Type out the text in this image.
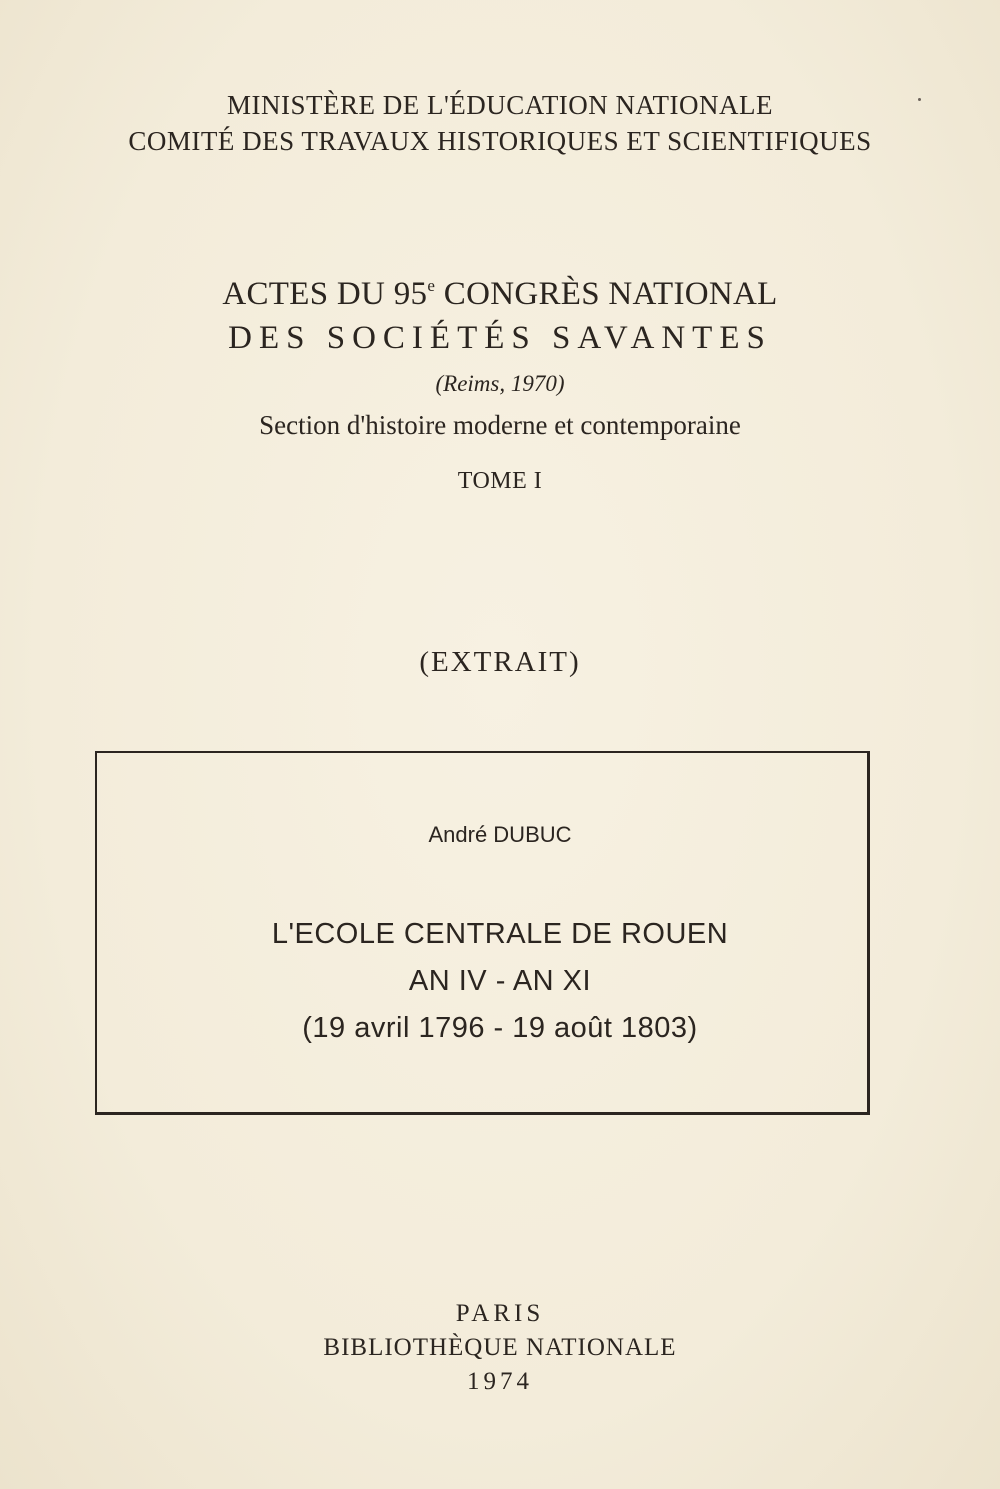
MINISTÈRE DE L'ÉDUCATION NATIONALE
COMITÉ DES TRAVAUX HISTORIQUES ET SCIENTIFIQUES
ACTES DU 95e CONGRÈS NATIONAL
DES SOCIÉTÉS SAVANTES
(Reims, 1970)
Section d'histoire moderne et contemporaine
TOME I
(EXTRAIT)
André DUBUC
L'ECOLE CENTRALE DE ROUEN
AN IV - AN XI
(19 avril 1796 - 19 août 1803)
PARIS
BIBLIOTHÈQUE NATIONALE
1974
